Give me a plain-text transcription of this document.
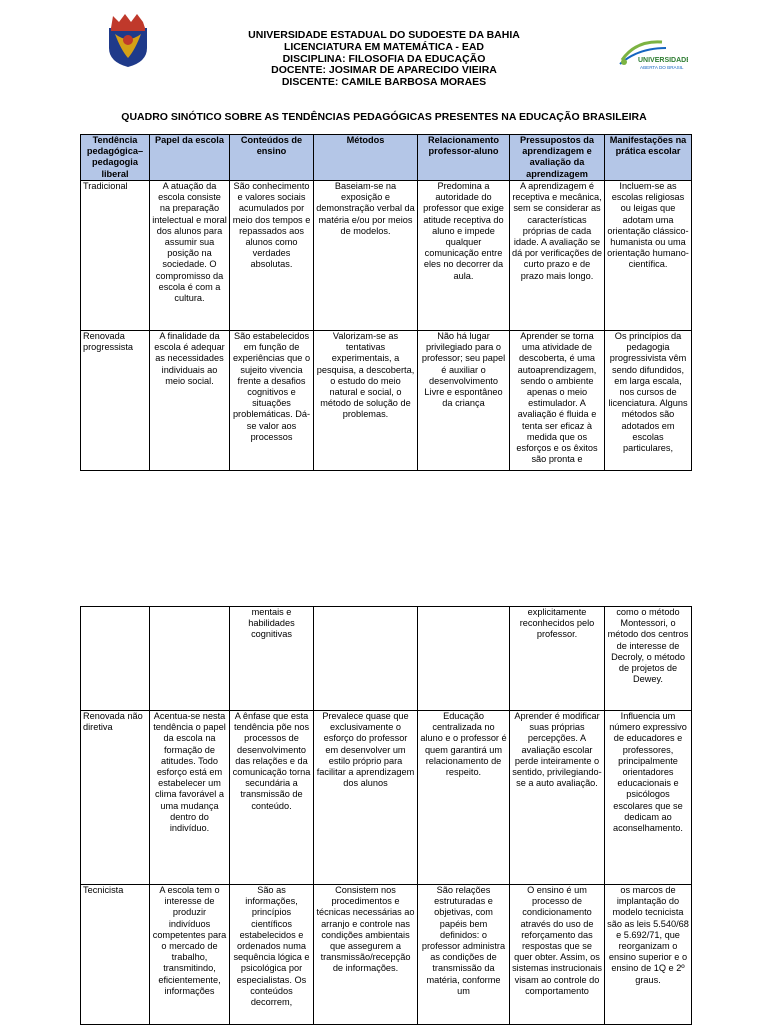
UNIVERSIDADE ESTADUAL DO SUDOESTE DA BAHIA
LICENCIATURA EM MATEMÁTICA - EAD
DISCIPLINA: FILOSOFIA DA EDUCAÇÃO
DOCENTE: JOSIMAR DE APARECIDO VIEIRA
DISCENTE: CAMILE BARBOSA MORAES
UNIVERSIDADE
ABERTA DO BRASIL
QUADRO SINÓTICO SOBRE AS TENDÊNCIAS PEDAGÓGICAS PRESENTES NA EDUCAÇÃO BRASILEIRA
Tendência pedagógica– pedagogia liberal	Papel da escola	Conteúdos de ensino	Métodos	Relacionamento professor-aluno	Pressupostos da aprendizagem e avaliação da aprendizagem	Manifestações na prática escolar
Tradicional	A atuação da escola consiste na preparação intelectual e moral dos alunos para assumir sua posição na sociedade. O compromisso da escola é com a cultura.	São conhecimento e valores sociais acumulados por meio dos tempos e repassados aos alunos como verdades absolutas.	Baseiam-se na exposição e demonstração verbal da matéria e/ou por meios de modelos.	Predomina a autoridade do professor que exige atitude receptiva do aluno e impede qualquer comunicação entre eles no decorrer da aula.	A aprendizagem é receptiva e mecânica, sem se considerar as características próprias de cada idade. A avaliação se dá por verificações de curto prazo e de prazo mais longo.	Incluem-se as escolas religiosas ou leigas que adotam uma orientação clássico-humanista ou uma orientação humano-científica.
Renovada progressista	A finalidade da escola é adequar as necessidades individuais ao meio social.	São estabelecidos em função de experiências que o sujeito vivencia frente a desafios cognitivos e situações problemáticas. Dá-se valor aos processos	Valorizam-se as tentativas experimentais, a pesquisa, a descoberta, o estudo do meio natural e social, o método de solução de problemas.	Não há lugar privilegiado para o professor; seu papel é auxiliar o desenvolvimento Livre e espontâneo da criança	Aprender se torna uma atividade de descoberta, é uma autoaprendizagem, sendo o ambiente apenas o meio estimulador. A avaliação é fluida e tenta ser eficaz à medida que os esforços e os êxitos são pronta e	Os princípios da pedagogia progressivista vêm sendo difundidos, em larga escala, nos cursos de licenciatura. Alguns métodos são adotados em escolas particulares,
		mentais e habilidades cognitivas			explicitamente reconhecidos pelo professor.	como o método Montessori, o método dos centros de interesse de Decroly, o método de projetos de Dewey.
Renovada não diretiva	Acentua-se nesta tendência o papel da escola na formação de atitudes. Todo esforço está em estabelecer um clima favorável a uma mudança dentro do indivíduo.	A ênfase que esta tendência põe nos processos de desenvolvimento das relações e da comunicação torna secundária a transmissão de conteúdo.	Prevalece quase que exclusivamente o esforço do professor em desenvolver um estilo próprio para facilitar a aprendizagem dos alunos	Educação centralizada no aluno e o professor é quem garantirá um relacionamento de respeito.	Aprender é modificar suas próprias percepções. A avaliação escolar perde inteiramente o sentido, privilegiando-se a auto avaliação.	Influencia um número expressivo de educadores e professores, principalmente orientadores educacionais e psicólogos escolares que se dedicam ao aconselhamento.
Tecnicista	A escola tem o interesse de produzir indivíduos competentes para o mercado de trabalho, transmitindo, eficientemente, informações	São as informações, princípios científicos estabelecidos e ordenados numa sequência lógica e psicológica por especialistas. Os conteúdos decorrem,	Consistem nos procedimentos e técnicas necessárias ao arranjo e controle nas condições ambientais que assegurem a transmissão/recepção de informações.	São relações estruturadas e objetivas, com papéis bem definidos: o professor administra as condições de transmissão da matéria, conforme um	O ensino é um processo de condicionamento através do uso de reforçamento das respostas que se quer obter. Assim, os sistemas instrucionais visam ao controle do comportamento	os marcos de implantação do modelo tecnicista são as leis 5.540/68 e 5.692/71, que reorganizam o ensino superior e o ensino de 1Q e 2º graus.
